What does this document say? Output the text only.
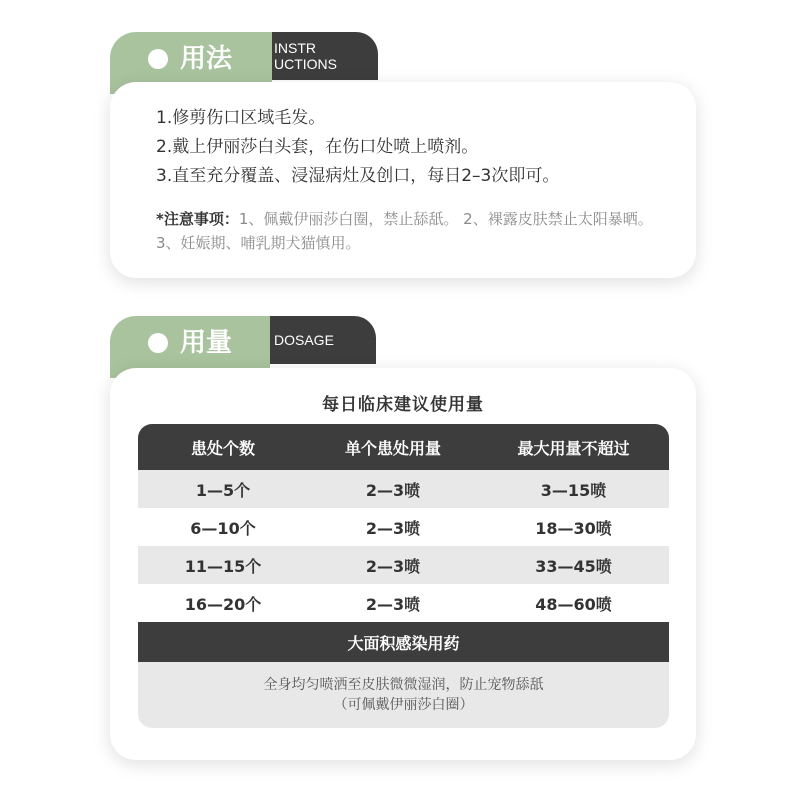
INSTR
UCTIONS
用法
1.修剪伤口区域毛发。
2.戴上伊丽莎白头套，在伤口处喷上喷剂。
3.直至充分覆盖、浸湿病灶及创口，每日2–3次即可。
*注意事项：1、佩戴伊丽莎白圈，禁止舔舐。 2、裸露皮肤禁止太阳暴晒。3、妊娠期、哺乳期犬猫慎用。
DOSAGE
用量
每日临床建议使用量
患处个数	单个患处用量	最大用量不超过
1—5个	2—3喷	3—15喷
6—10个	2—3喷	18—30喷
11—15个	2—3喷	33—45喷
16—20个	2—3喷	48—60喷
大面积感染用药
全身均匀喷洒至皮肤微微湿润，防止宠物舔舐
（可佩戴伊丽莎白圈）
